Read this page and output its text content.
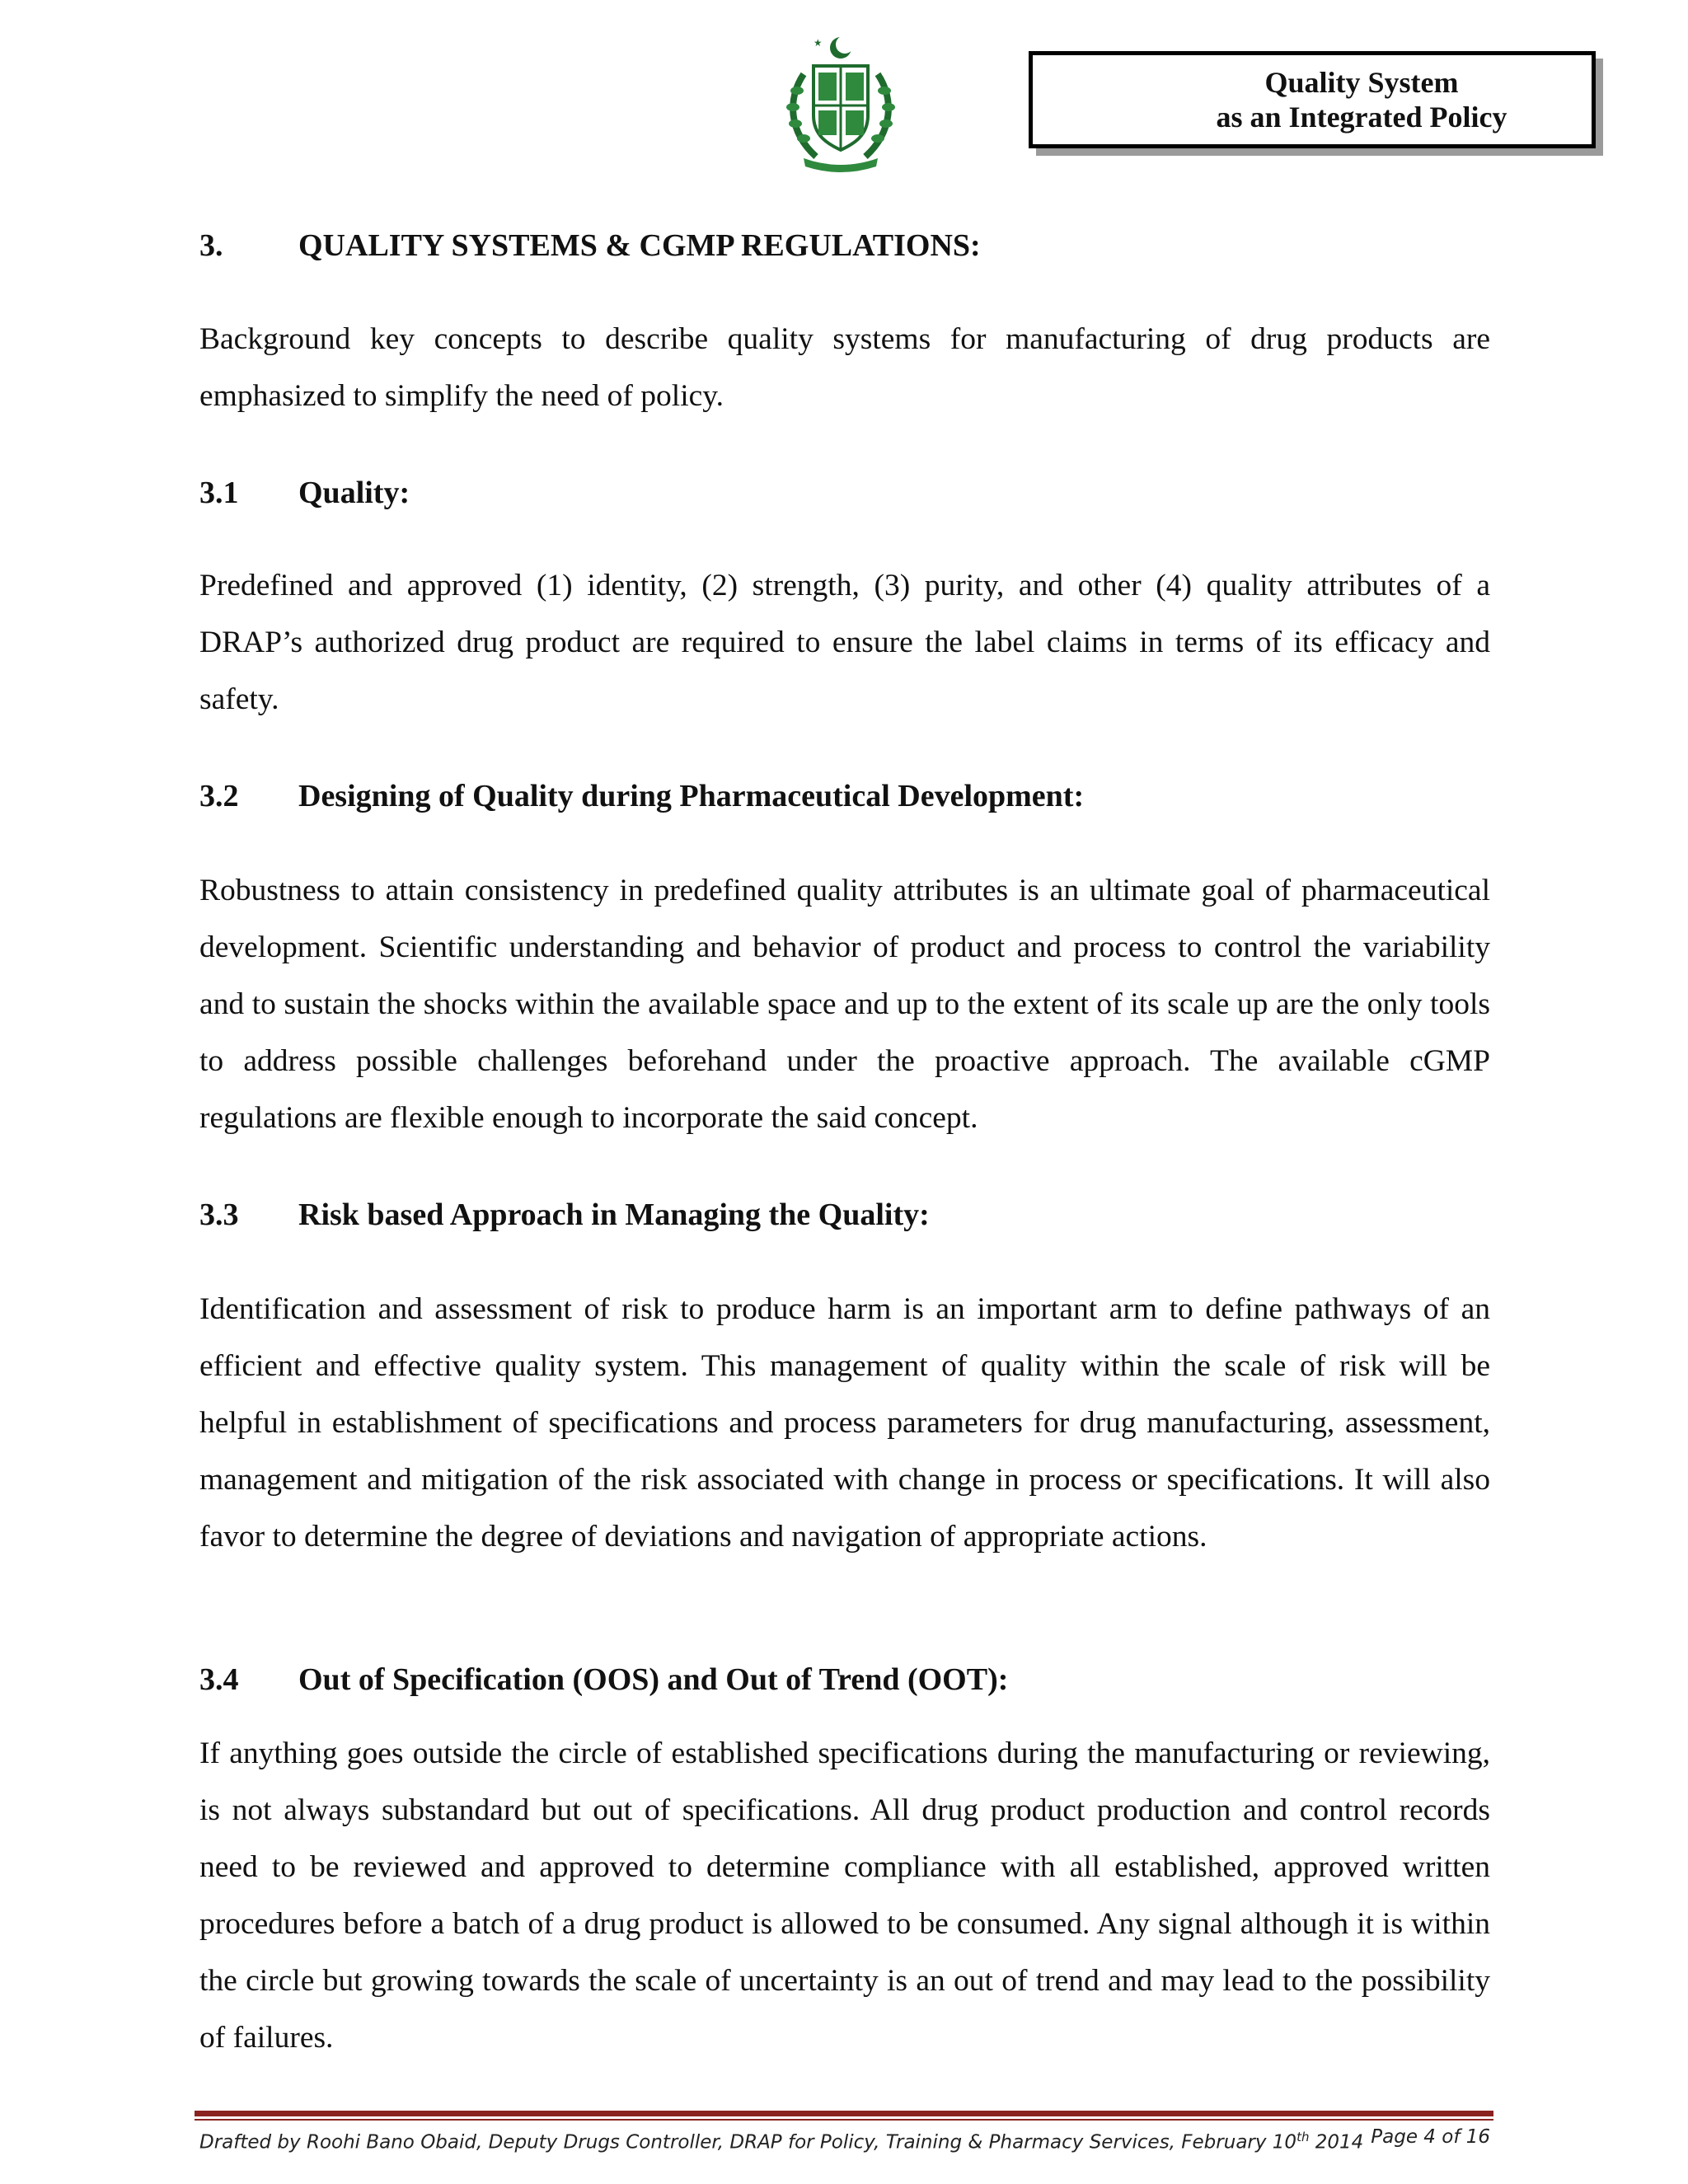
Quality System
as an Integrated Policy
3. QUALITY SYSTEMS & CGMP REGULATIONS:
Background key concepts to describe quality systems for manufacturing of drug products are emphasized to simplify the need of policy.
3.1 Quality:
Predefined and approved (1) identity, (2) strength, (3) purity, and other (4) quality attributes of a DRAP’s authorized drug product are required to ensure the label claims in terms of its efficacy and safety.
3.2 Designing of Quality during Pharmaceutical Development:
Robustness to attain consistency in predefined quality attributes is an ultimate goal of pharmaceutical development. Scientific understanding and behavior of product and process to control the variability and to sustain the shocks within the available space and up to the extent of its scale up are the only tools to address possible challenges beforehand under the proactive approach. The available cGMP regulations are flexible enough to incorporate the said concept.
3.3 Risk based Approach in Managing the Quality:
Identification and assessment of risk to produce harm is an important arm to define pathways of an efficient and effective quality system. This management of quality within the scale of risk will be helpful in establishment of specifications and process parameters for drug manufacturing, assessment, management and mitigation of the risk associated with change in process or specifications. It will also favor to determine the degree of deviations and navigation of appropriate actions.
3.4 Out of Specification (OOS) and Out of Trend (OOT):
If anything goes outside the circle of established specifications during the manufacturing or reviewing, is not always substandard but out of specifications. All drug product production and control records need to be reviewed and approved to determine compliance with all established, approved written procedures before a batch of a drug product is allowed to be consumed. Any signal although it is within the circle but growing towards the scale of uncertainty is an out of trend and may lead to the possibility of failures.
Drafted by Roohi Bano Obaid, Deputy Drugs Controller, DRAP for Policy, Training & Pharmacy Services, February 10th 2014 Page 4 of 16
